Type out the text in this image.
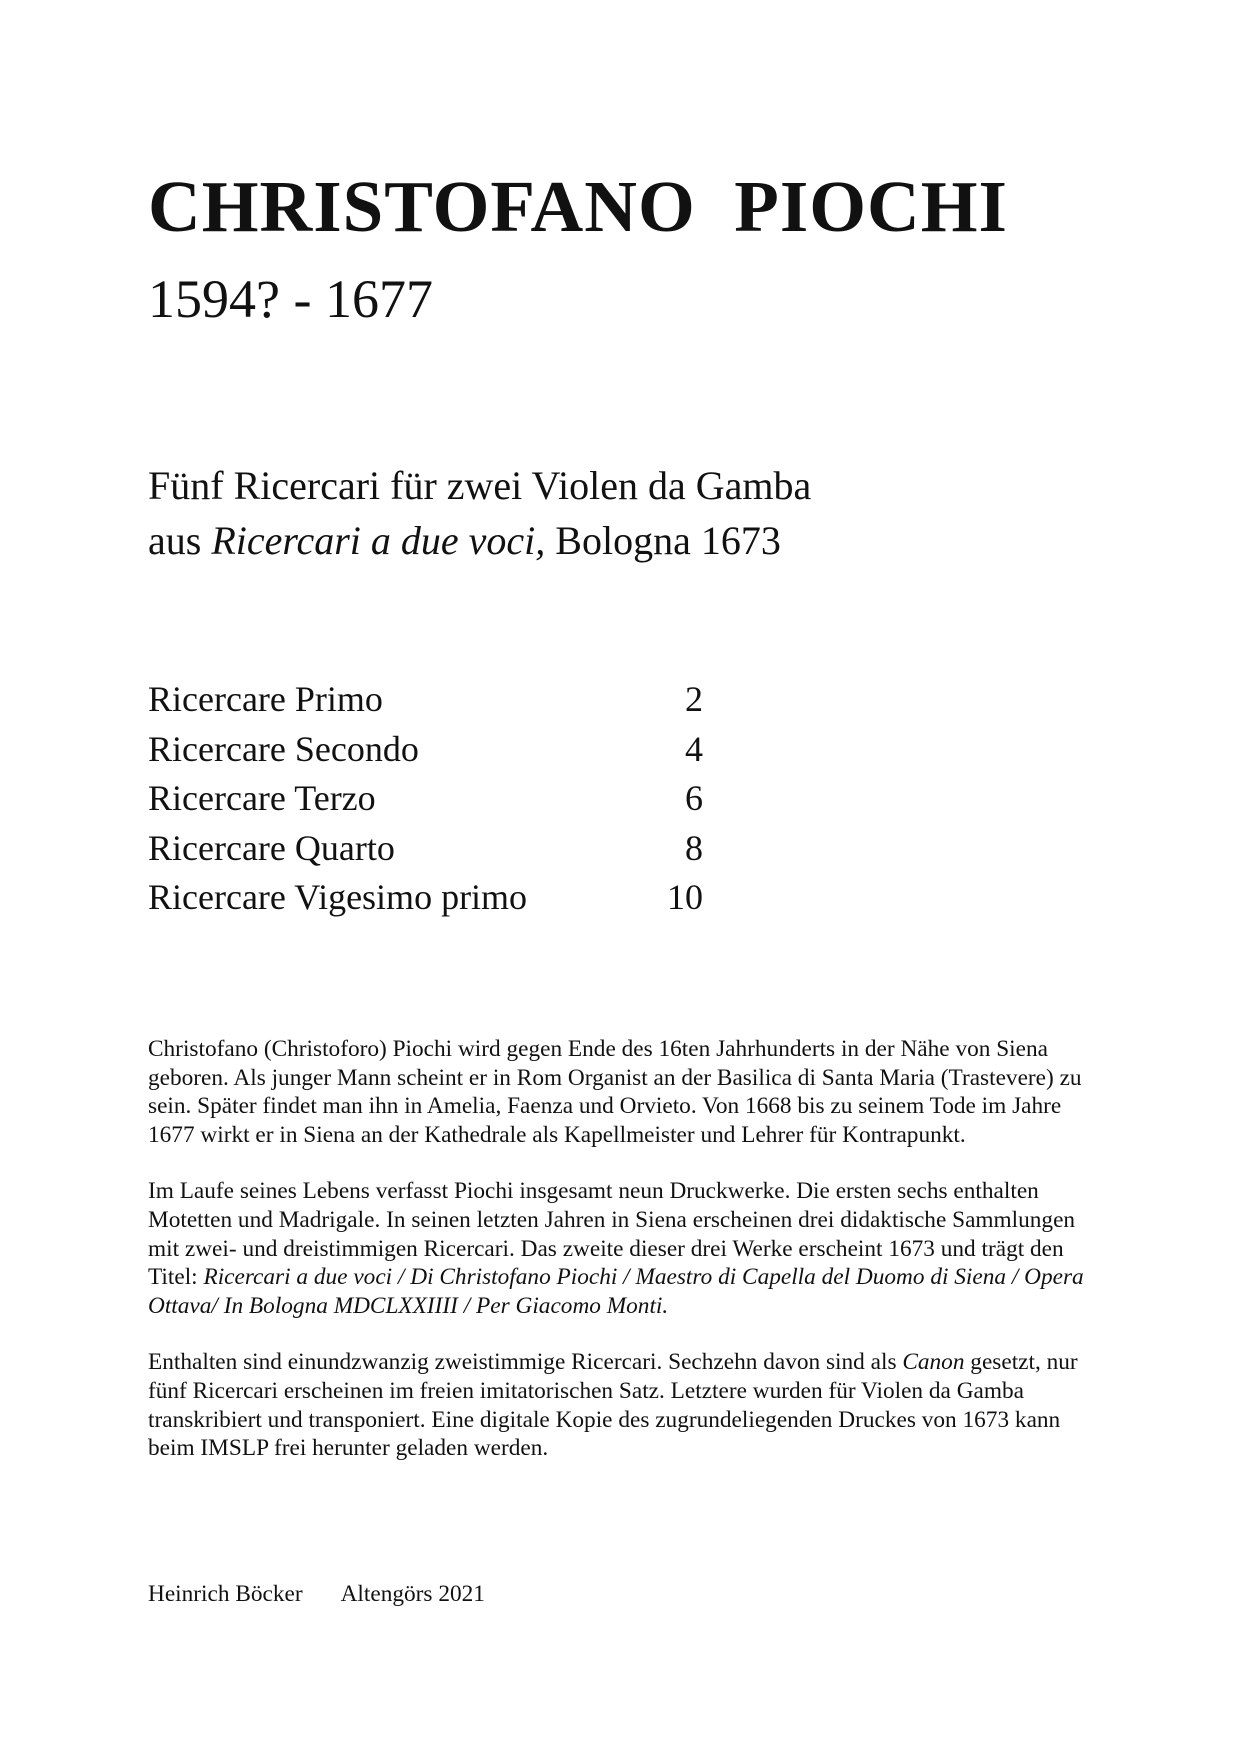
CHRISTOFANO  PIOCHI
1594? - 1677
Fünf Ricercari für zwei Violen da Gamba
aus Ricercari a due voci, Bologna 1673
Ricercare Primo	2
Ricercare Secondo	4
Ricercare Terzo	6
Ricercare Quarto	8
Ricercare Vigesimo primo	10

Christofano (Christoforo) Piochi wird gegen Ende des 16ten Jahrhunderts in der Nähe von Siena geboren. Als junger Mann scheint er in Rom Organist an der Basilica di Santa Maria (Trastevere) zu sein. Später findet man ihn in Amelia, Faenza und Orvieto. Von 1668 bis zu seinem Tode im Jahre 1677 wirkt er in Siena an der Kathedrale als Kapellmeister und Lehrer für Kontrapunkt.

Im Laufe seines Lebens verfasst Piochi insgesamt neun Druckwerke. Die ersten sechs enthalten Motetten und Madrigale. In seinen letzten Jahren in Siena erscheinen drei didaktische Sammlungen mit zwei- und dreistimmigen Ricercari. Das zweite dieser drei Werke erscheint 1673 und trägt den Titel: Ricercari a due voci / Di Christofano Piochi / Maestro di Capella del Duomo di Siena / Opera Ottava/ In Bologna MDCLXXIIII / Per Giacomo Monti.

Enthalten sind einundzwanzig zweistimmige Ricercari. Sechzehn davon sind als Canon gesetzt, nur fünf Ricercari erscheinen im freien imitatorischen Satz. Letztere wurden für Violen da Gamba transkribiert und transponiert. Eine digitale Kopie des zugrundeliegenden Druckes von 1673 kann beim IMSLP frei herunter geladen werden.

Heinrich Böcker Altengörs 2021
